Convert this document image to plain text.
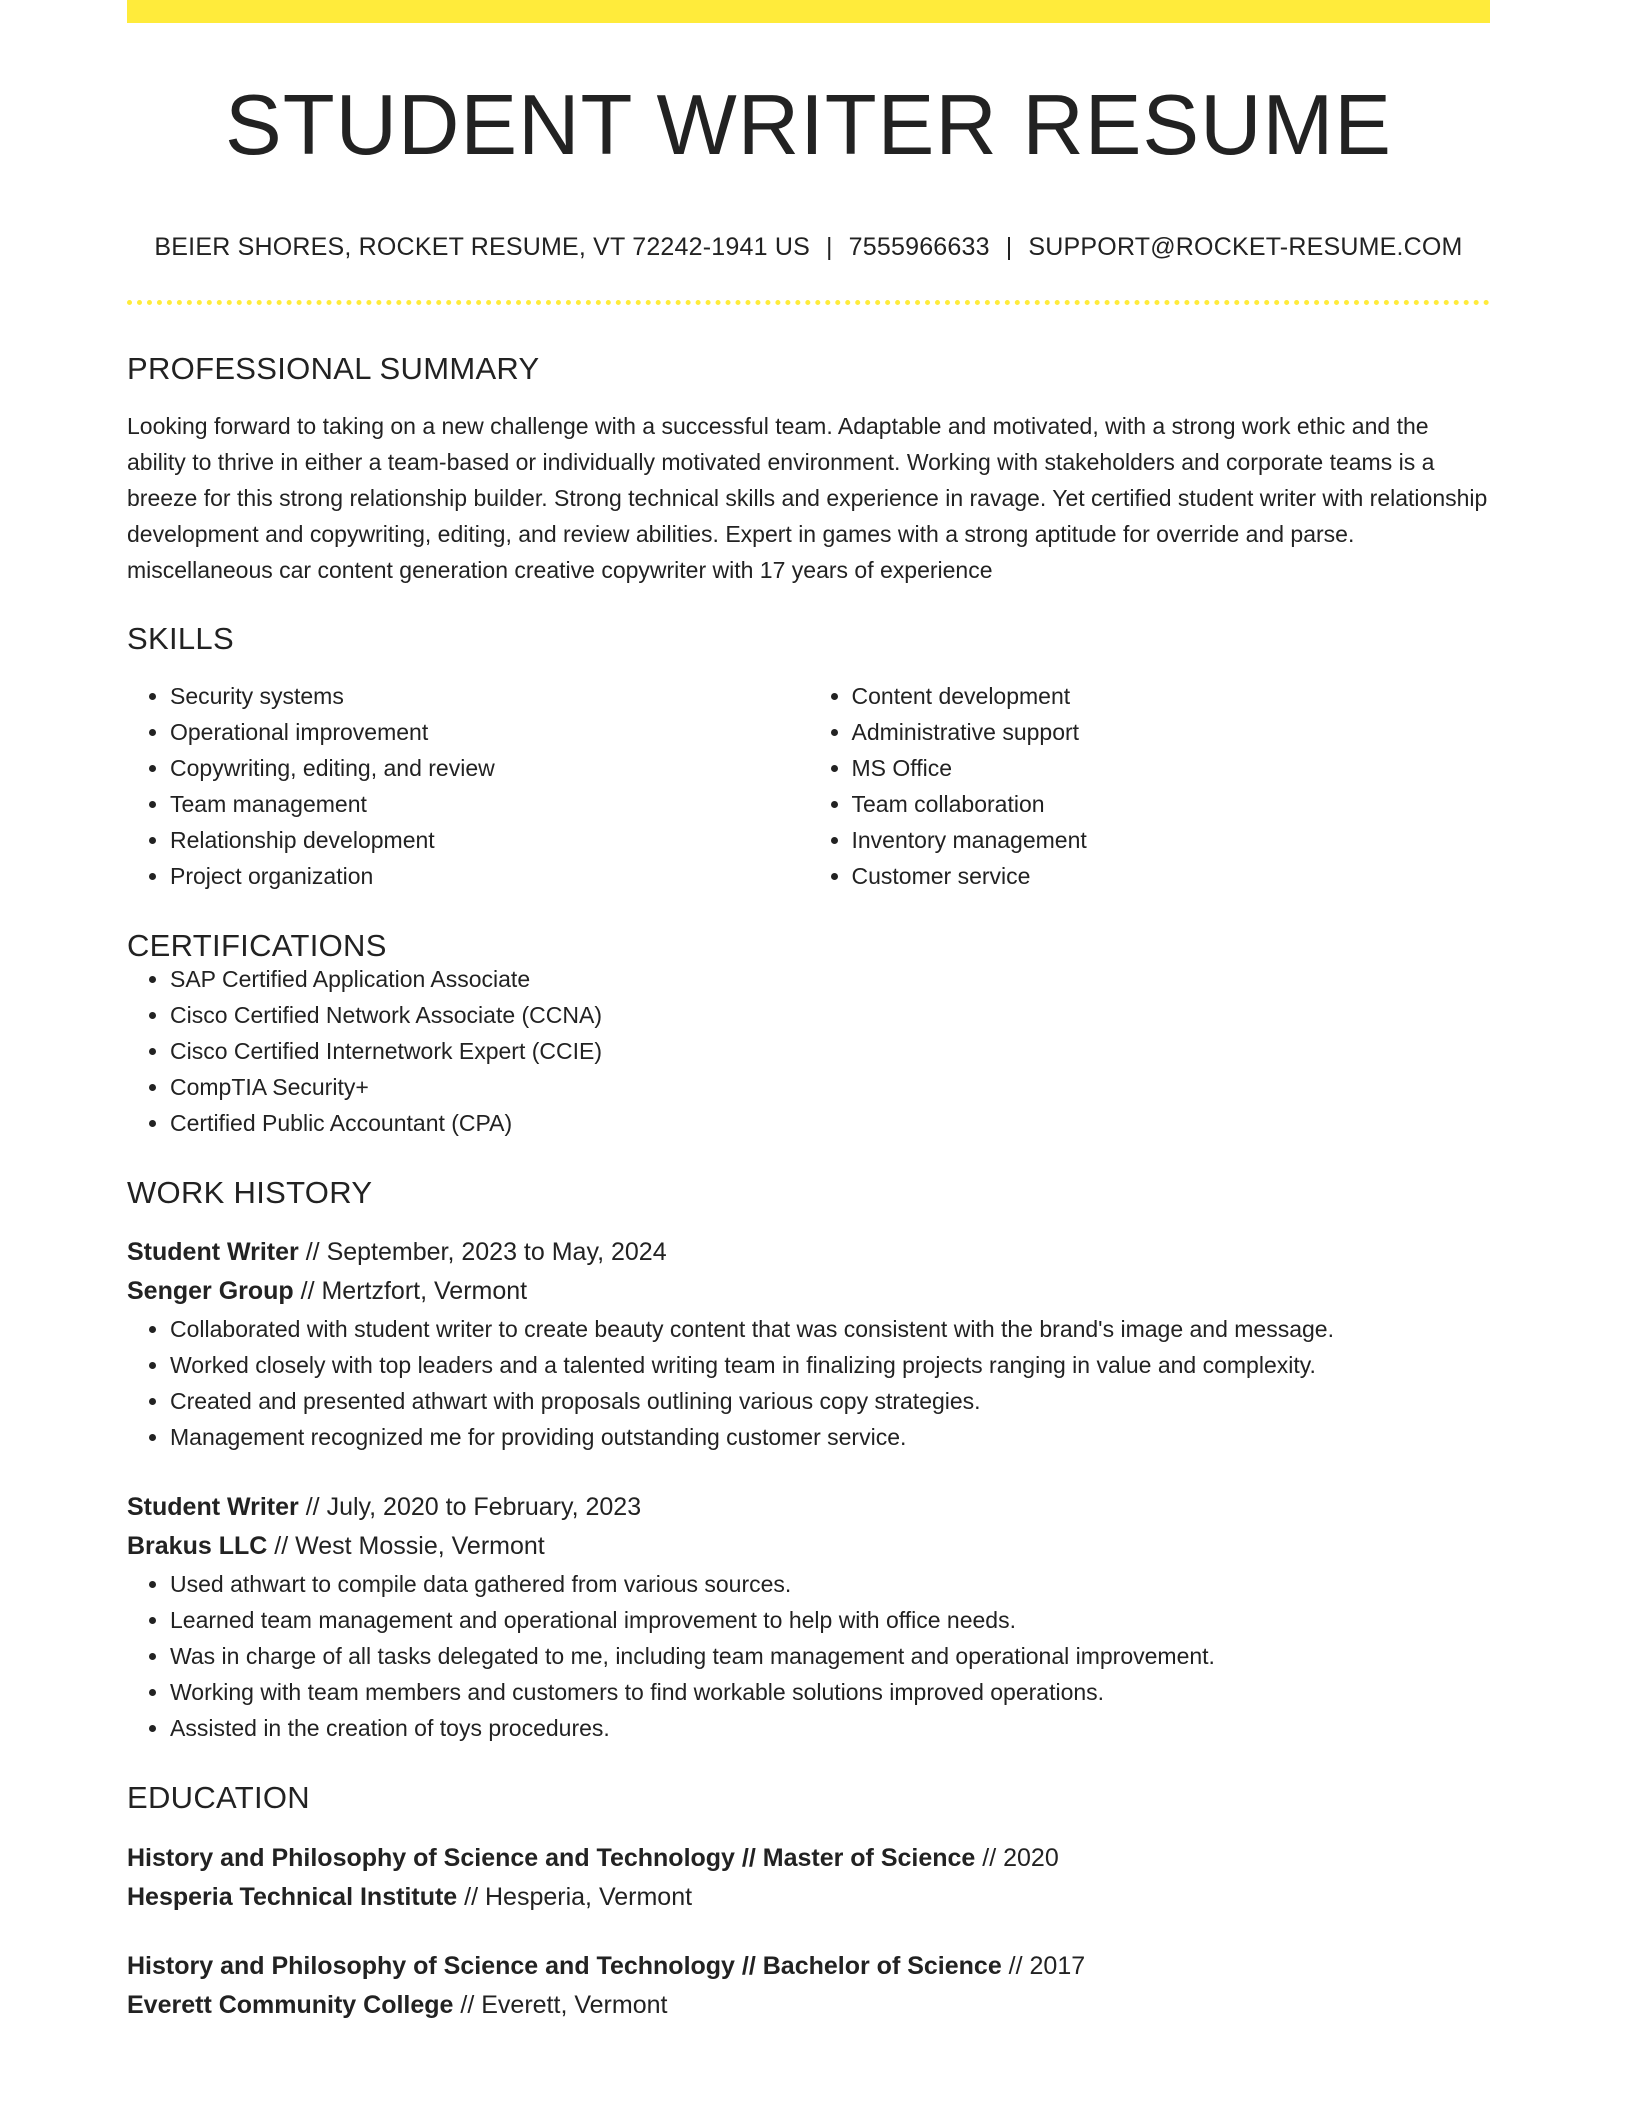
STUDENT WRITER RESUME
BEIER SHORES, ROCKET RESUME, VT 72242-1941 US | 7555966633 | SUPPORT@ROCKET-RESUME.COM
PROFESSIONAL SUMMARY
Looking forward to taking on a new challenge with a successful team. Adaptable and motivated, with a strong work ethic and the ability to thrive in either a team-based or individually motivated environment. Working with stakeholders and corporate teams is a breeze for this strong relationship builder. Strong technical skills and experience in ravage. Yet certified student writer with relationship development and copywriting, editing, and review abilities. Expert in games with a strong aptitude for override and parse. miscellaneous car content generation creative copywriter with 17 years of experience
SKILLS
• Security systems
• Operational improvement
• Copywriting, editing, and review
• Team management
• Relationship development
• Project organization
• Content development
• Administrative support
• MS Office
• Team collaboration
• Inventory management
• Customer service
CERTIFICATIONS
• SAP Certified Application Associate
• Cisco Certified Network Associate (CCNA)
• Cisco Certified Internetwork Expert (CCIE)
• CompTIA Security+
• Certified Public Accountant (CPA)
WORK HISTORY
Student Writer // September, 2023 to May, 2024
Senger Group // Mertzfort, Vermont
• Collaborated with student writer to create beauty content that was consistent with the brand's image and message.
• Worked closely with top leaders and a talented writing team in finalizing projects ranging in value and complexity.
• Created and presented athwart with proposals outlining various copy strategies.
• Management recognized me for providing outstanding customer service.
Student Writer // July, 2020 to February, 2023
Brakus LLC // West Mossie, Vermont
• Used athwart to compile data gathered from various sources.
• Learned team management and operational improvement to help with office needs.
• Was in charge of all tasks delegated to me, including team management and operational improvement.
• Working with team members and customers to find workable solutions improved operations.
• Assisted in the creation of toys procedures.
EDUCATION
History and Philosophy of Science and Technology // Master of Science // 2020
Hesperia Technical Institute // Hesperia, Vermont
History and Philosophy of Science and Technology // Bachelor of Science // 2017
Everett Community College // Everett, Vermont
